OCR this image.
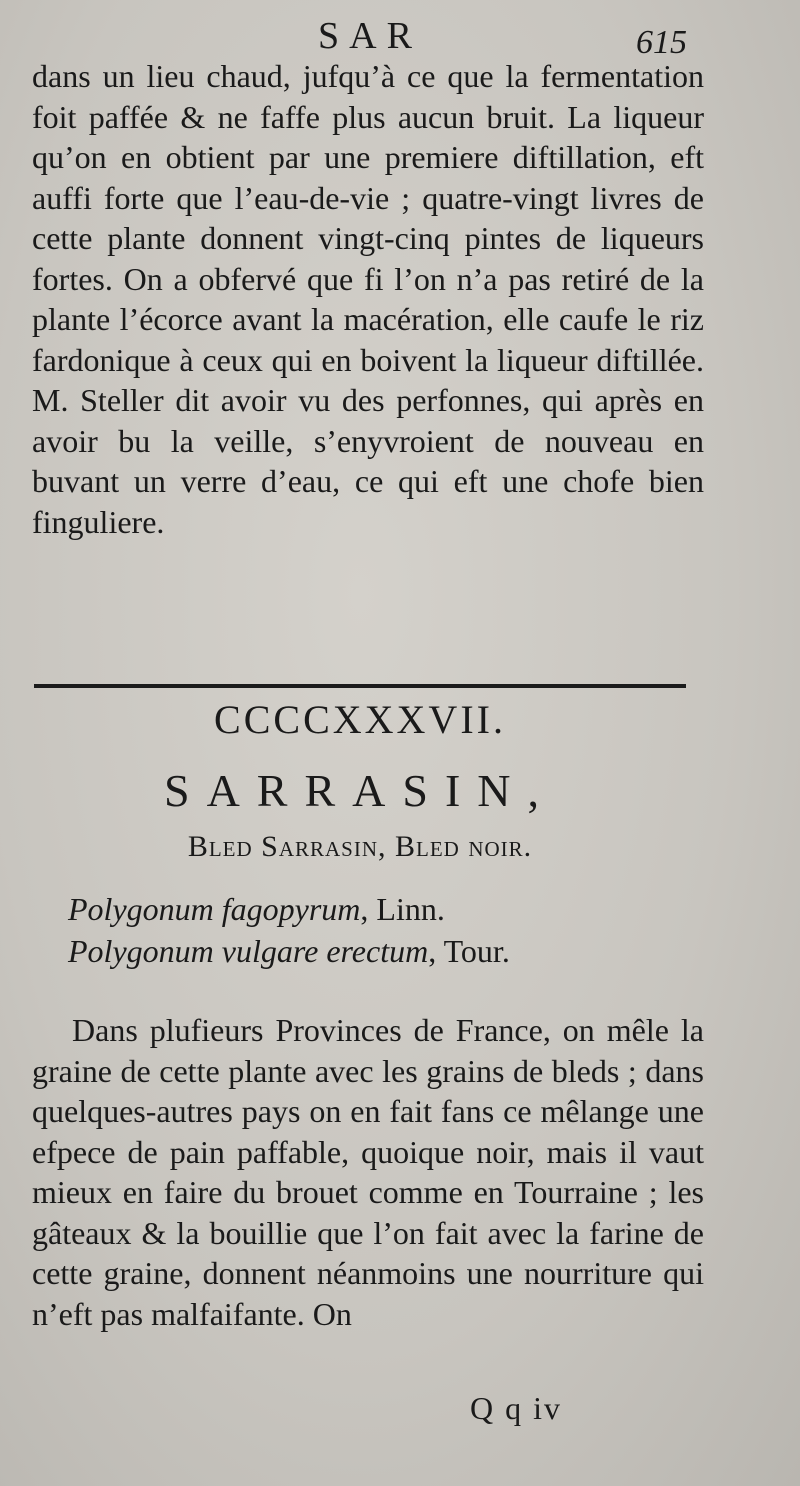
SAR	615

dans un lieu chaud, jufqu’à ce que la fermentation foit paffée & ne faffe plus aucun bruit. La liqueur qu’on en obtient par une premiere diftillation, eft auffi forte que l’eau-de-vie ; quatre-vingt livres de cette plante donnent vingt-cinq pintes de liqueurs fortes. On a obfervé que fi l’on n’a pas retiré de la plante l’écorce avant la macération, elle caufe le riz fardonique à ceux qui en boivent la liqueur diftillée. M. Steller dit avoir vu des perfonnes, qui après en avoir bu la veille, s’enyvroient de nouveau en buvant un verre d’eau, ce qui eft une chofe bien finguliere.

CCCCXXXVII.
SARRASIN,
Bled Sarrasin, Bled noir.
Polygonum fagopyrum, Linn.
Polygonum vulgare erectum, Tour.

Dans plufieurs Provinces de France, on mêle la graine de cette plante avec les grains de bleds ; dans quelques-autres pays on en fait fans ce mêlange une efpece de pain paffable, quoique noir, mais il vaut mieux en faire du brouet comme en Tourraine ; les gâteaux & la bouillie que l’on fait avec la farine de cette graine, donnent néanmoins une nourriture qui n’eft pas malfaifante. On

Q q iv
